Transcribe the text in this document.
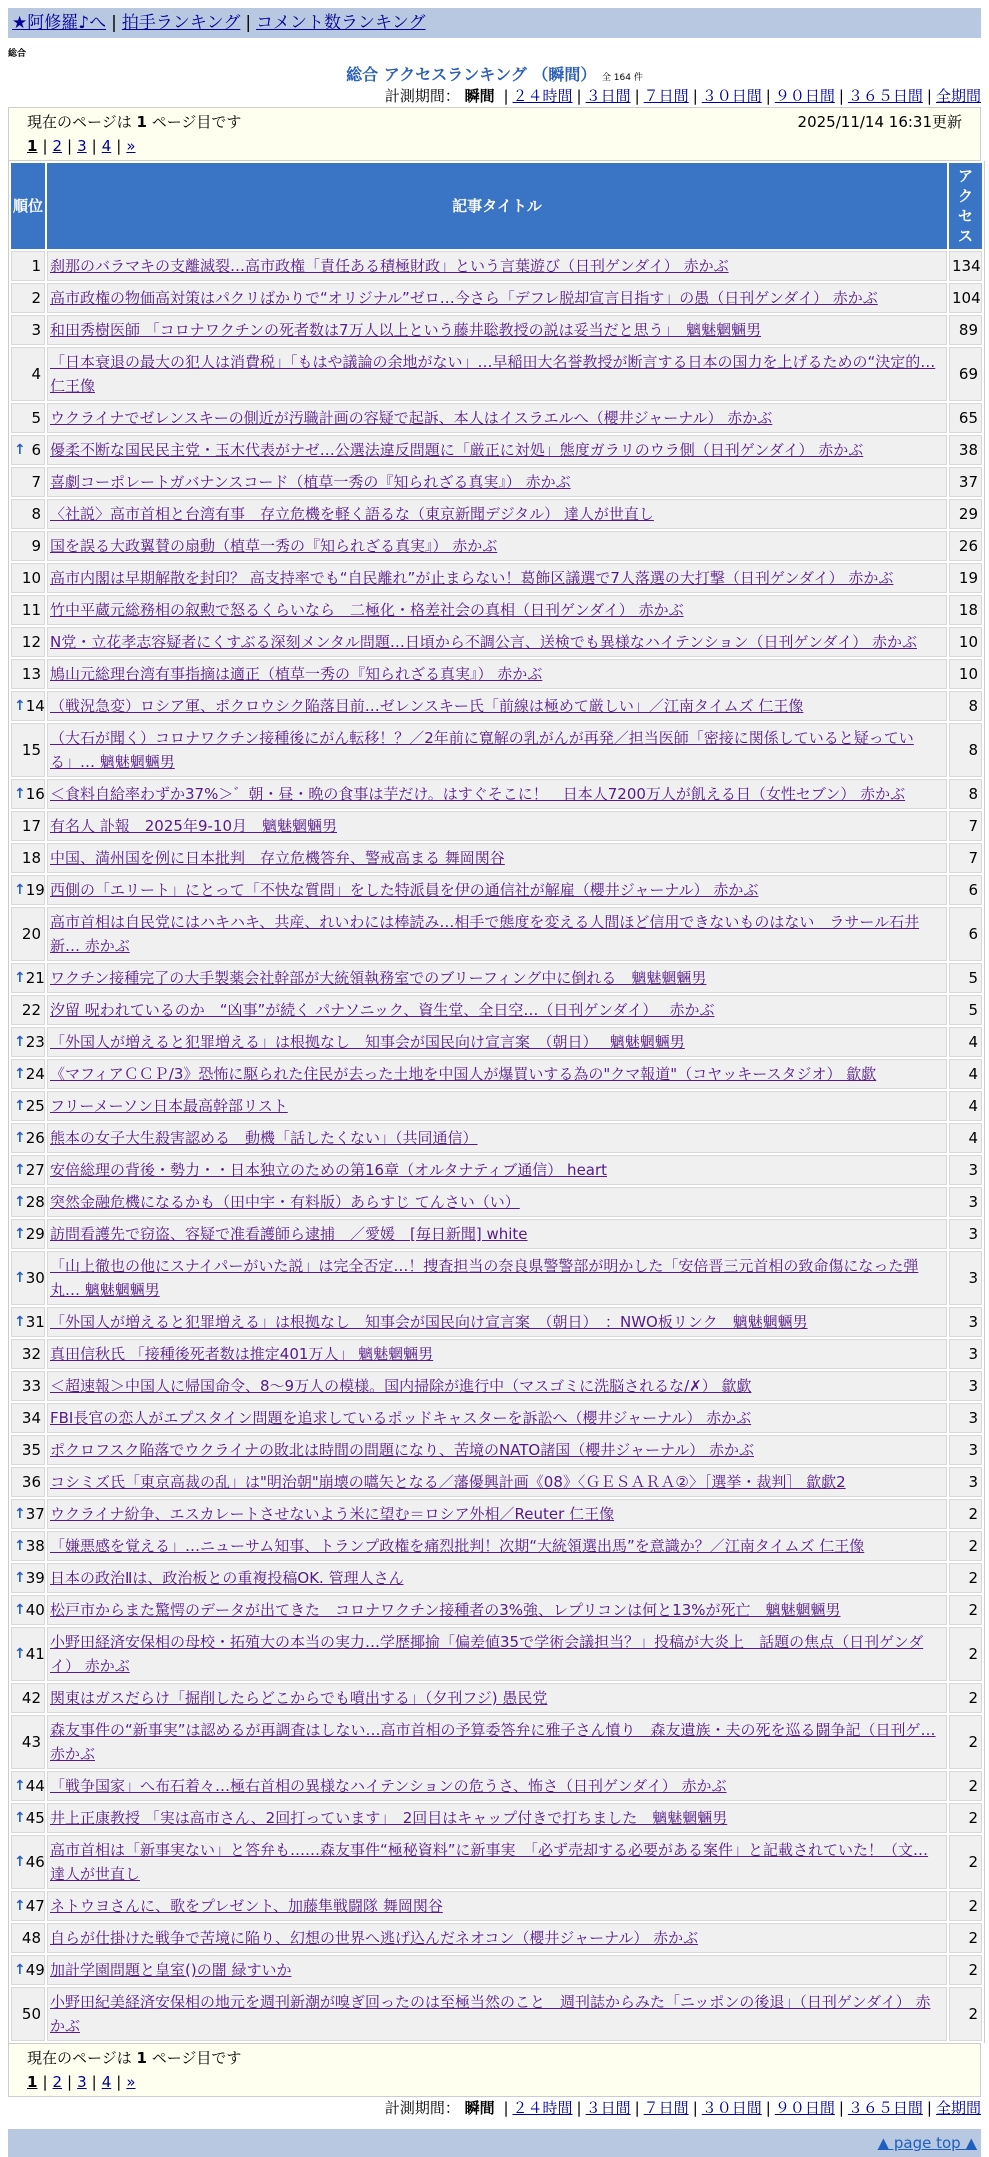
★阿修羅♪へ | 拍手ランキング | コメント数ランキング
総合
総合 アクセスランキング （瞬間） 全 164 件
計測期間： 瞬間 | ２４時間 | ３日間 | ７日間 | ３０日間 | ９０日間 | ３６５日間 | 全期間
現在のページは 1 ページ目です	2025/11/14 16:31更新
1 | 2 | 3 | 4 | »
順位	記事タイトル	アクセス
1	刹那のバラマキの支離滅裂…高市政権「責任ある積極財政」という言葉遊び（日刊ゲンダイ） 赤かぶ	134
2	高市政権の物価高対策はパクリばかりで“オリジナル”ゼロ…今さら「デフレ脱却宣言目指す」の愚（日刊ゲンダイ） 赤かぶ	104
3	和田秀樹医師 「コロナワクチンの死者数は7万人以上という藤井聡教授の説は妥当だと思う」　魑魅魍魎男	89
4	「日本衰退の最大の犯人は消費税」「もはや議論の余地がない」…早稲田大名誉教授が断言する日本の国力を上げるための“決定的… 仁王像	69
5	ウクライナでゼレンスキーの側近が汚職計画の容疑で起訴、本人はイスラエルへ（櫻井ジャーナル） 赤かぶ	65

↑ 6	優柔不断な国民民主党・玉木代表がナゼ…公選法違反問題に「厳正に対処」態度ガラリのウラ側（日刊ゲンダイ） 赤かぶ	38
7	喜劇コーポレートガバナンスコード（植草一秀の『知られざる真実』） 赤かぶ	37
8	〈社説〉高市首相と台湾有事　存立危機を軽く語るな（東京新聞デジタル） 達人が世直し	29
9	国を誤る大政翼賛の扇動（植草一秀の『知られざる真実』） 赤かぶ	26
10	高市内閣は早期解散を封印？ 高支持率でも“自民離れ”が止まらない！葛飾区議選で7人落選の大打撃（日刊ゲンダイ） 赤かぶ	19
11	竹中平蔵元総務相の叙勲で怒るくらいなら　二極化・格差社会の真相（日刊ゲンダイ） 赤かぶ	18
12	N党・立花孝志容疑者にくすぶる深刻メンタル問題…日頃から不調公言、送検でも異様なハイテンション（日刊ゲンダイ） 赤かぶ	10
13	鳩山元総理台湾有事指摘は適正（植草一秀の『知られざる真実』） 赤かぶ	10

↑ 14	（戦況急変）ロシア軍、ポクロウシク陥落目前…ゼレンスキー氏「前線は極めて厳しい」／江南タイムズ 仁王像	8
15	（大石が聞く）コロナワクチン接種後にがん転移！？／2年前に寛解の乳がんが再発／担当医師「密接に関係していると疑っている」… 魑魅魍魎男	8

↑ 16	＜食料自給率わずか37%＞゛朝・昼・晩の食事は芋だけ。はすぐそこに！　日本人7200万人が飢える日（女性セブン） 赤かぶ	8
17	有名人 訃報　2025年9-10月　魑魅魍魎男	7
18	中国、満州国を例に日本批判　存立危機答弁、警戒高まる 舞岡関谷	7

↑ 19	西側の「エリート」にとって「不快な質問」をした特派員を伊の通信社が解雇（櫻井ジャーナル） 赤かぶ	6
20	高市首相は自民党にはハキハキ、共産、れいわには棒読み…相手で態度を変える人間ほど信用できないものはない　ラサール石井 新… 赤かぶ	6

↑ 21	ワクチン接種完了の大手製薬会社幹部が大統領執務室でのブリーフィング中に倒れる　魑魅魍魎男	5
22	汐留 呪われているのか　“凶事”が続く パナソニック、資生堂、全日空…（日刊ゲンダイ）　 赤かぶ	5

↑ 23	「外国人が増えると犯罪増える」は根拠なし　知事会が国民向け宣言案　（朝日）　 魑魅魍魎男	4

↑ 24	《マフィアＣＣＰ/3》恐怖に駆られた住民が去った土地を中国人が爆買いする為の"クマ報道"（コヤッキースタジオ） 歙歔	4

↑ 25	フリーメーソン日本最高幹部リスト	4

↑ 26	熊本の女子大生殺害認める　動機「話したくない」（共同通信）	4

↑ 27	安倍総理の背後・勢力・・日本独立のための第16章（オルタナティブ通信） heart	3

↑ 28	突然金融危機になるかも（田中宇・有料版）あらすじ てんさい（い）	3

↑ 29	訪問看護先で窃盗、容疑で准看護師ら逮捕　／愛媛　[毎日新聞] white	3

↑ 30	「山上徹也の他にスナイパーがいた説」は完全否定…！捜査担当の奈良県警警部が明かした「安倍晋三元首相の致命傷になった弾丸… 魑魅魍魎男	3

↑ 31	「外国人が増えると犯罪増える」は根拠なし　知事会が国民向け宣言案　（朝日）　：NWO板リンク　魑魅魍魎男	3
32	真田信秋氏 「接種後死者数は推定401万人」 魑魅魍魎男	3
33	＜超速報＞中国人に帰国命令、8～9万人の模様。国内掃除が進行中（マスゴミに洗脳されるな/✗） 歙歔	3
34	FBI長官の恋人がエプスタイン問題を追求しているポッドキャスターを訴訟へ（櫻井ジャーナル） 赤かぶ	3
35	ポクロフスク陥落でウクライナの敗北は時間の問題になり、苦境のNATO諸国（櫻井ジャーナル） 赤かぶ	3
36	コシミズ氏「東京高裁の乱」は"明治朝"崩壊の嚆矢となる／藩優興計画《08》〈ＧＥＳＡＲＡ②〉［選挙・裁判］ 歙歔2	3

↑ 37	ウクライナ紛争、エスカレートさせないよう米に望む＝ロシア外相／Reuter 仁王像	2

↑ 38	「嫌悪感を覚える」…ニューサム知事、トランプ政権を痛烈批判！次期“大統領選出馬”を意識か？／江南タイムズ 仁王像	2

↑ 39	日本の政治Ⅱは、政治板との重複投稿OK. 管理人さん	2

↑ 40	松戸市からまた驚愕のデータが出てきた　コロナワクチン接種者の3%強、レプリコンは何と13%が死亡　魑魅魍魎男	2

↑ 41	小野田経済安保相の母校・拓殖大の本当の実力…学歴揶揄「偏差値35で学術会議担当？」投稿が大炎上　話題の焦点（日刊ゲンダイ） 赤かぶ	2
42	関東はガスだらけ「掘削したらどこからでも噴出する」（夕刊フジ) 愚民党	2
43	森友事件の“新事実”は認めるが再調査はしない…高市首相の予算委答弁に雅子さん憤り　森友遺族・夫の死を巡る闘争記（日刊ゲ… 赤かぶ	2

↑ 44	「戦争国家」へ布石着々…極右首相の異様なハイテンションの危うさ、怖さ（日刊ゲンダイ） 赤かぶ	2

↑ 45	井上正康教授 「実は高市さん、2回打っています」　2回目はキャップ付きで打ちました　魑魅魍魎男	2

↑ 46	高市首相は「新事実ない」と答弁も……森友事件“極秘資料”に新事実　「必ず売却する必要がある案件」と記載されていた！（文… 達人が世直し	2

↑ 47	ネトウヨさんに、歌をプレゼント、加藤隼戦闘隊 舞岡関谷	2
48	自らが仕掛けた戦争で苦境に陥り、幻想の世界へ逃げ込んだネオコン（櫻井ジャーナル） 赤かぶ	2

↑ 49	加計学園問題と皇室()の闇 緑すいか	2
50	小野田紀美経済安保相の地元を週刊新潮が嗅ぎ回ったのは至極当然のこと　週刊誌からみた「ニッポンの後退」（日刊ゲンダイ） 赤かぶ	2
現在のページは 1 ページ目です
1 | 2 | 3 | 4 | »
計測期間： 瞬間 | ２４時間 | ３日間 | ７日間 | ３０日間 | ９０日間 | ３６５日間 | 全期間
▲ page top ▲
